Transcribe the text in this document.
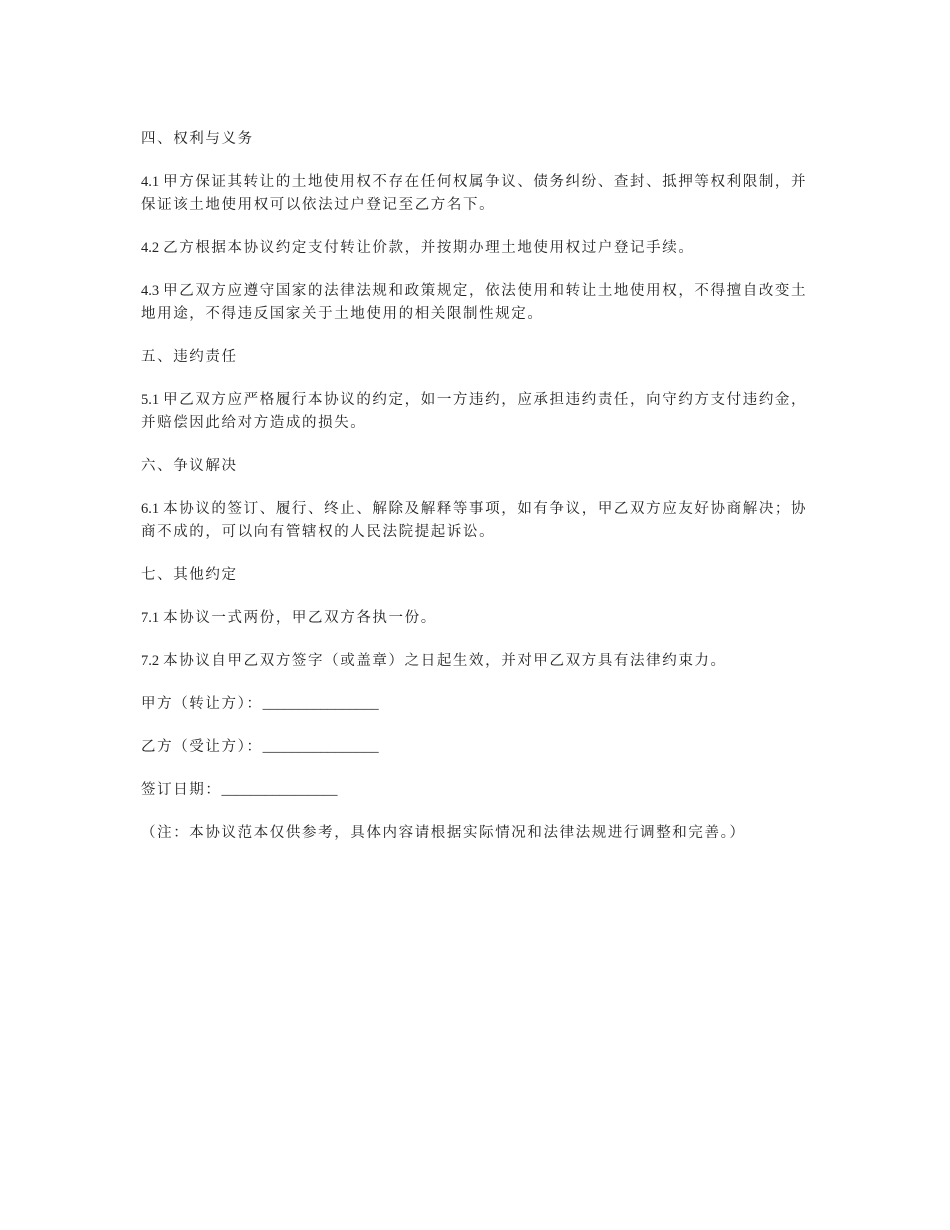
四、权利与义务

4.1 甲方保证其转让的土地使用权不存在任何权属争议、债务纠纷、查封、抵押等权利限制，并保证该土地使用权可以依法过户登记至乙方名下。

4.2 乙方根据本协议约定支付转让价款，并按期办理土地使用权过户登记手续。

4.3 甲乙双方应遵守国家的法律法规和政策规定，依法使用和转让土地使用权，不得擅自改变土地用途，不得违反国家关于土地使用的相关限制性规定。

五、违约责任

5.1 甲乙双方应严格履行本协议的约定，如一方违约，应承担违约责任，向守约方支付违约金，并赔偿因此给对方造成的损失。

六、争议解决

6.1 本协议的签订、履行、终止、解除及解释等事项，如有争议，甲乙双方应友好协商解决；协商不成的，可以向有管辖权的人民法院提起诉讼。

七、其他约定

7.1 本协议一式两份，甲乙双方各执一份。

7.2 本协议自甲乙双方签字（或盖章）之日起生效，并对甲乙双方具有法律约束力。

甲方（转让方）：________________

乙方（受让方）：________________

签订日期：________________

（注：本协议范本仅供参考，具体内容请根据实际情况和法律法规进行调整和完善。）
